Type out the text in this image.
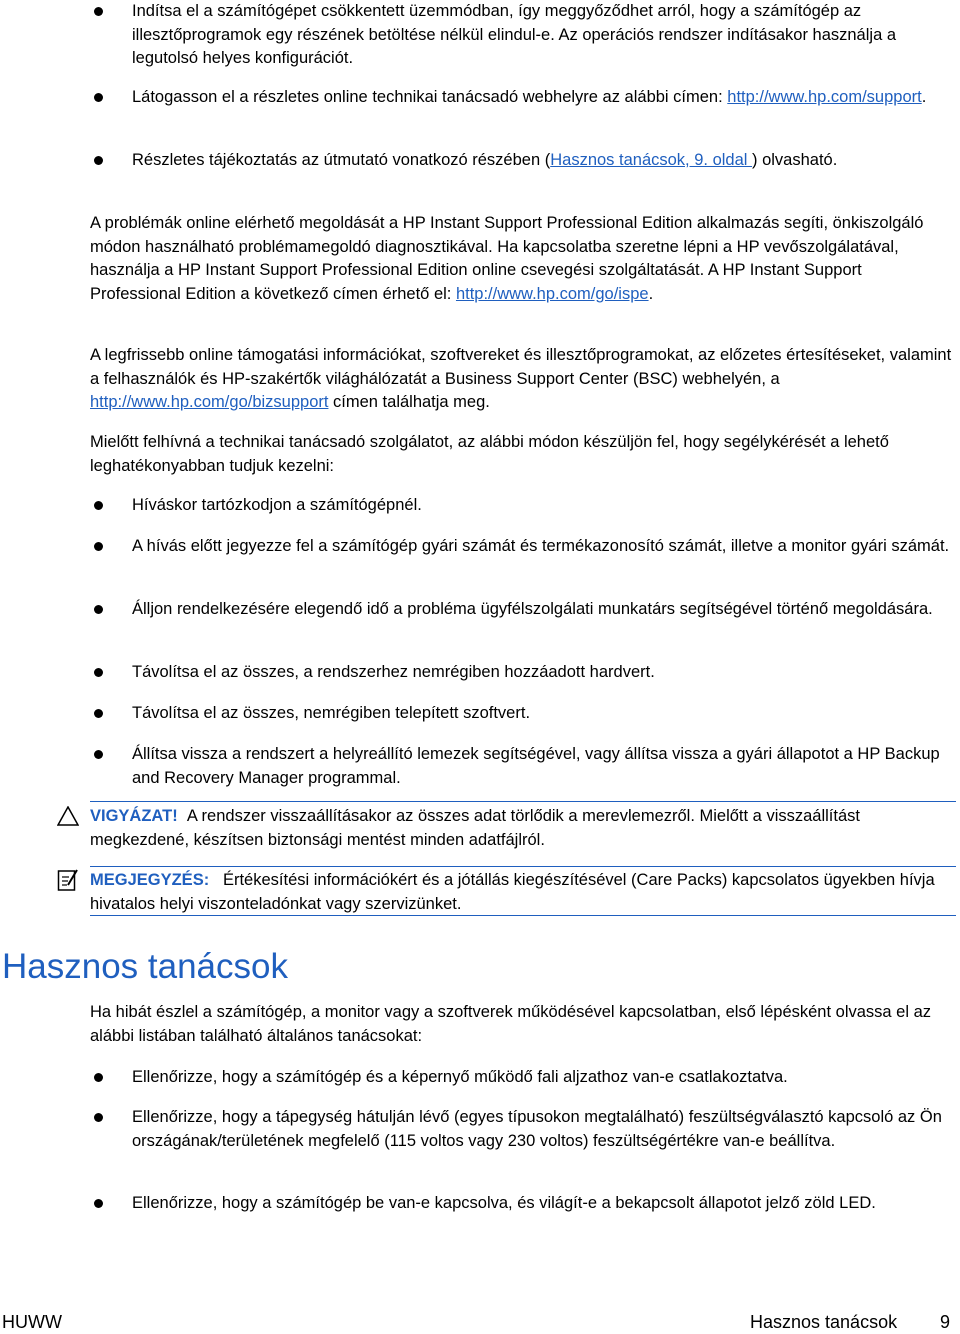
Indítsa el a számítógépet csökkentett üzemmódban, így meggyőződhet arról, hogy a számítógép az illesztőprogramok egy részének betöltése nélkül elindul-e. Az operációs rendszer indításakor használja a legutolsó helyes konfigurációt.
Látogasson el a részletes online technikai tanácsadó webhelyre az alábbi címen: http://www.hp.com/support.
Részletes tájékoztatás az útmutató vonatkozó részében (Hasznos tanácsok, 9. oldal ) olvasható.
A problémák online elérhető megoldását a HP Instant Support Professional Edition alkalmazás segíti, önkiszolgáló módon használható problémamegoldó diagnosztikával. Ha kapcsolatba szeretne lépni a HP vevőszolgálatával, használja a HP Instant Support Professional Edition online csevegési szolgáltatását. A HP Instant Support Professional Edition a következő címen érhető el: http://www.hp.com/go/ispe.
A legfrissebb online támogatási információkat, szoftvereket és illesztőprogramokat, az előzetes értesítéseket, valamint a felhasználók és HP-szakértők világhálózatát a Business Support Center (BSC) webhelyén, a http://www.hp.com/go/bizsupport címen találhatja meg.
Mielőtt felhívná a technikai tanácsadó szolgálatot, az alábbi módon készüljön fel, hogy segélykérését a lehető leghatékonyabban tudjuk kezelni:
Híváskor tartózkodjon a számítógépnél.
A hívás előtt jegyezze fel a számítógép gyári számát és termékazonosító számát, illetve a monitor gyári számát.
Álljon rendelkezésére elegendő idő a probléma ügyfélszolgálati munkatárs segítségével történő megoldására.
Távolítsa el az összes, a rendszerhez nemrégiben hozzáadott hardvert.
Távolítsa el az összes, nemrégiben telepített szoftvert.
Állítsa vissza a rendszert a helyreállító lemezek segítségével, vagy állítsa vissza a gyári állapotot a HP Backup and Recovery Manager programmal.
VIGYÁZAT! A rendszer visszaállításakor az összes adat törlődik a merevlemezről. Mielőtt a visszaállítást megkezdené, készítsen biztonsági mentést minden adatfájlról.
MEGJEGYZÉS: Értékesítési információkért és a jótállás kiegészítésével (Care Packs) kapcsolatos ügyekben hívja hivatalos helyi viszonteladónkat vagy szervizünket.
Hasznos tanácsok
Ha hibát észlel a számítógép, a monitor vagy a szoftverek működésével kapcsolatban, első lépésként olvassa el az alábbi listában található általános tanácsokat:
Ellenőrizze, hogy a számítógép és a képernyő működő fali aljzathoz van-e csatlakoztatva.
Ellenőrizze, hogy a tápegység hátulján lévő (egyes típusokon megtalálható) feszültségválasztó kapcsoló az Ön országának/területének megfelelő (115 voltos vagy 230 voltos) feszültségértékre van-e beállítva.
Ellenőrizze, hogy a számítógép be van-e kapcsolva, és világít-e a bekapcsolt állapotot jelző zöld LED.
HUWW	Hasznos tanácsok 9
